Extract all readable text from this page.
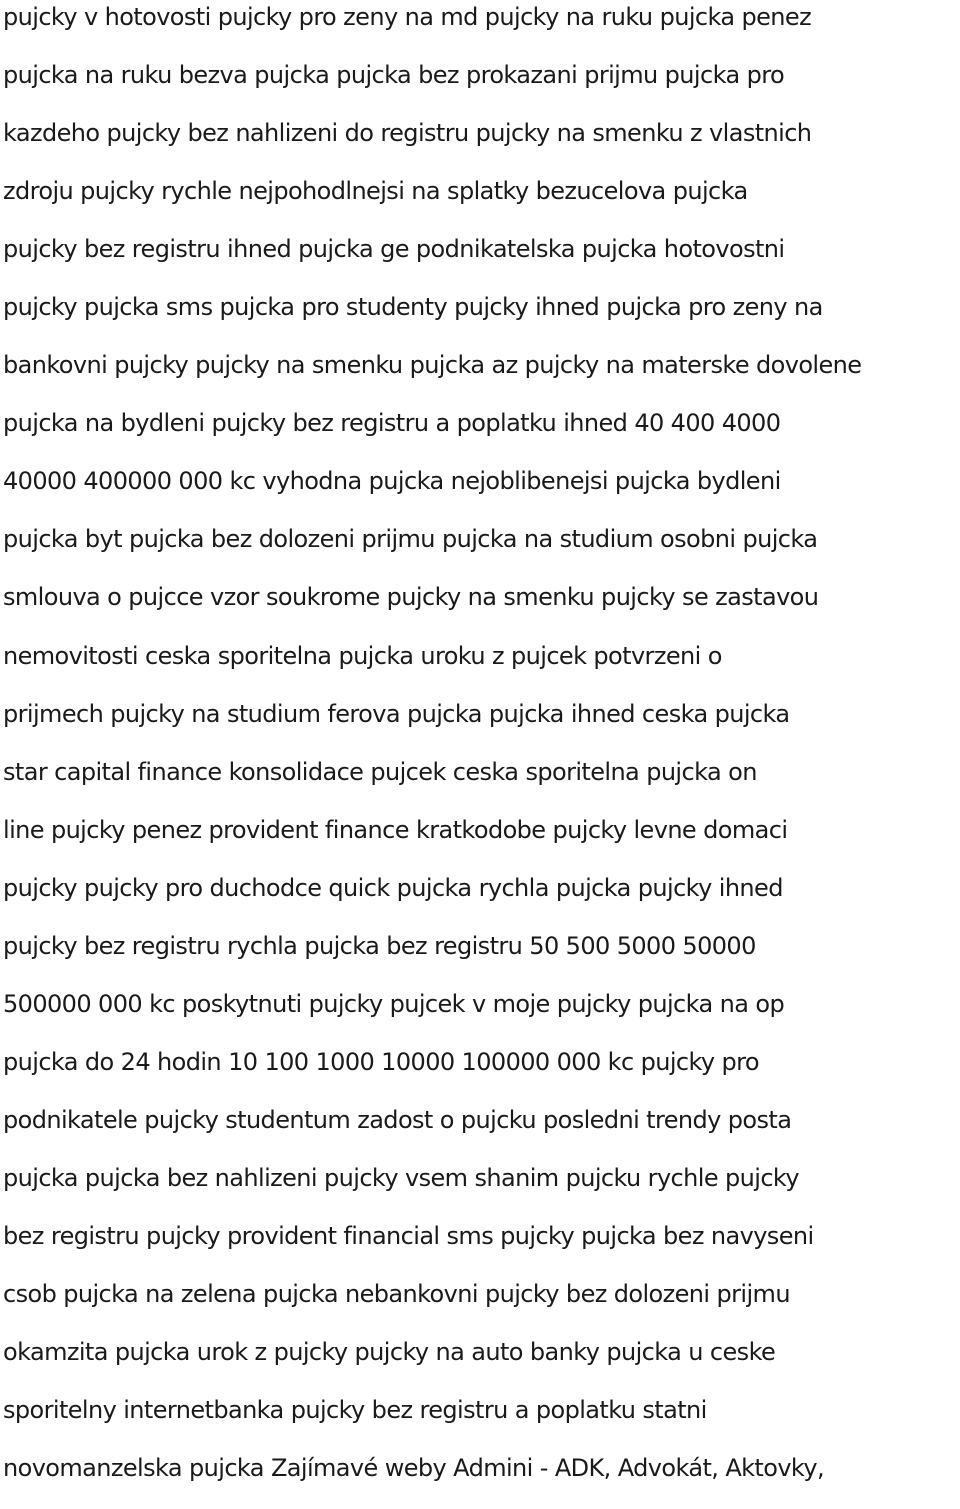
pujcky v hotovosti pujcky pro zeny na md pujcky na ruku pujcka penez
pujcka na ruku bezva pujcka pujcka bez prokazani prijmu pujcka pro
kazdeho pujcky bez nahlizeni do registru pujcky na smenku z vlastnich
zdroju pujcky rychle nejpohodlnejsi na splatky bezucelova pujcka
pujcky bez registru ihned pujcka ge podnikatelska pujcka hotovostni
pujcky pujcka sms pujcka pro studenty pujcky ihned pujcka pro zeny na
bankovni pujcky pujcky na smenku pujcka az pujcky na materske dovolene
pujcka na bydleni pujcky bez registru a poplatku ihned 40 400 4000
40000 400000 000 kc vyhodna pujcka nejoblibenejsi pujcka bydleni
pujcka byt pujcka bez dolozeni prijmu pujcka na studium osobni pujcka
smlouva o pujcce vzor soukrome pujcky na smenku pujcky se zastavou
nemovitosti ceska sporitelna pujcka uroku z pujcek potvrzeni o
prijmech pujcky na studium ferova pujcka pujcka ihned ceska pujcka
star capital finance konsolidace pujcek ceska sporitelna pujcka on
line pujcky penez provident finance kratkodobe pujcky levne domaci
pujcky pujcky pro duchodce quick pujcka rychla pujcka pujcky ihned
pujcky bez registru rychla pujcka bez registru 50 500 5000 50000
500000 000 kc poskytnuti pujcky pujcek v moje pujcky pujcka na op
pujcka do 24 hodin 10 100 1000 10000 100000 000 kc pujcky pro
podnikatele pujcky studentum zadost o pujcku posledni trendy posta
pujcka pujcka bez nahlizeni pujcky vsem shanim pujcku rychle pujcky
bez registru pujcky provident financial sms pujcky pujcka bez navyseni
csob pujcka na zelena pujcka nebankovni pujcky bez dolozeni prijmu
okamzita pujcka urok z pujcky pujcky na auto banky pujcka u ceske
sporitelny internetbanka pujcky bez registru a poplatku statni
novomanzelska pujcka Zajímavé weby Admini - ADK, Advokát, Aktovky,
